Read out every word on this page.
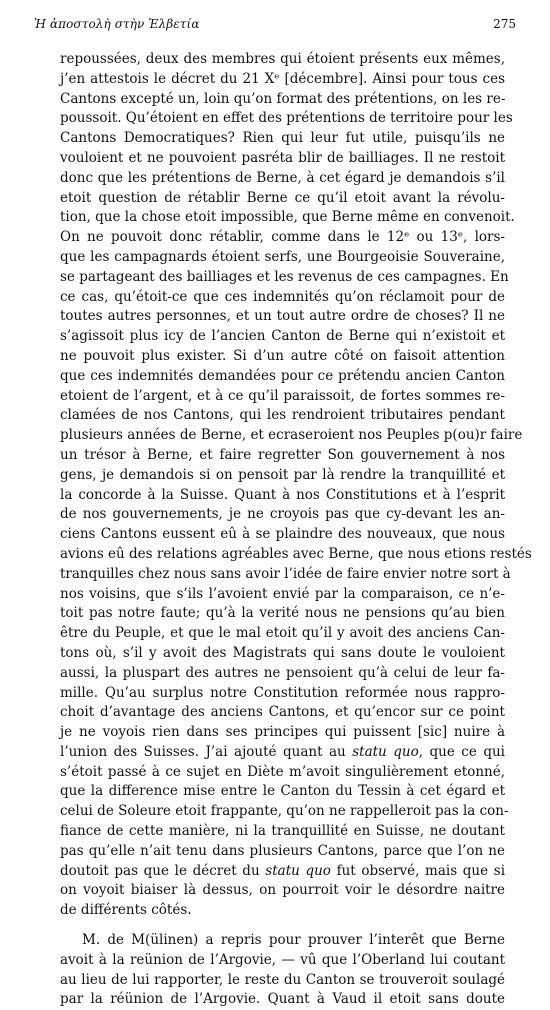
Ἡ ἀποστολὴ στὴν Ἑλβετία	275
repoussées, deux des membres qui étoient présents eux mêmes,
j’en attestois le décret du 21 Xᵉ [décembre]. Ainsi pour tous ces
Cantons excepté un, loin qu’on format des prétentions, on les re-
poussoit. Qu’étoient en effet des prétentions de territoire pour les
Cantons Democratiques? Rien qui leur fut utile, puisqu’ils ne
vouloient et ne pouvoient pasréta blir de bailliages. Il ne restoit
donc que les prétentions de Berne, à cet égard je demandois s’il
etoit question de rétablir Berne ce qu’il etoit avant la révolu-
tion, que la chose etoit impossible, que Berne même en convenoit.
On ne pouvoit donc rétablir, comme dans le 12ᵉ ou 13ᵉ, lors-
que les campagnards étoient serfs, une Bourgeoisie Souveraine,
se partageant des bailliages et les revenus de ces campagnes. En
ce cas, qu’étoit-ce que ces indemnités qu’on réclamoit pour de
toutes autres personnes, et un tout autre ordre de choses? Il ne
s’agissoit plus icy de l’ancien Canton de Berne qui n’existoit et
ne pouvoit plus exister. Si d’un autre côté on faisoit attention
que ces indemnités demandées pour ce prétendu ancien Canton
etoient de l’argent, et à ce qu’il paraissoit, de fortes sommes re-
clamées de nos Cantons, qui les rendroient tributaires pendant
plusieurs années de Berne, et ecraseroient nos Peuples p(ou)r faire
un trésor à Berne, et faire regretter Son gouvernement à nos
gens, je demandois si on pensoit par là rendre la tranquillité et
la concorde à la Suisse. Quant à nos Constitutions et à l’esprit
de nos gouvernements, je ne croyois pas que cy-devant les an-
ciens Cantons eussent eû à se plaindre des nouveaux, que nous
avions eû des relations agréables avec Berne, que nous etions restés
tranquilles chez nous sans avoir l’idée de faire envier notre sort à
nos voisins, que s’ils l’avoient envié par la comparaison, ce n’e-
toit pas notre faute; qu’à la verité nous ne pensions qu’au bien
être du Peuple, et que le mal etoit qu’il y avoit des anciens Can-
tons où, s’il y avoit des Magistrats qui sans doute le vouloient
aussi, la pluspart des autres ne pensoient qu’à celui de leur fa-
mille. Qu’au surplus notre Constitution reformée nous rappro-
choit d’avantage des anciens Cantons, et qu’encor sur ce point
je ne voyois rien dans ses principes qui puissent [sic] nuire à
l’union des Suisses. J’ai ajouté quant au statu quo, que ce qui
s’étoit passé à ce sujet en Diète m’avoit singulièrement etonné,
que la difference mise entre le Canton du Tessin à cet égard et
celui de Soleure etoit frappante, qu’on ne rappelleroit pas la con-
fiance de cette manière, ni la tranquillité en Suisse, ne doutant
pas qu’elle n’ait tenu dans plusieurs Cantons, parce que l’on ne
doutoit pas que le décret du statu quo fut observé, mais que si
on voyoit biaiser là dessus, on pourroit voir le désordre naitre
de différents côtés.
M. de M(ülinen) a repris pour prouver l’interêt que Berne
avoit à la reünion de l’Argovie, — vû que l’Oberland lui coutant
au lieu de lui rapporter, le reste du Canton se trouveroit soulagé
par la réünion de l’Argovie. Quant à Vaud il etoit sans doute
